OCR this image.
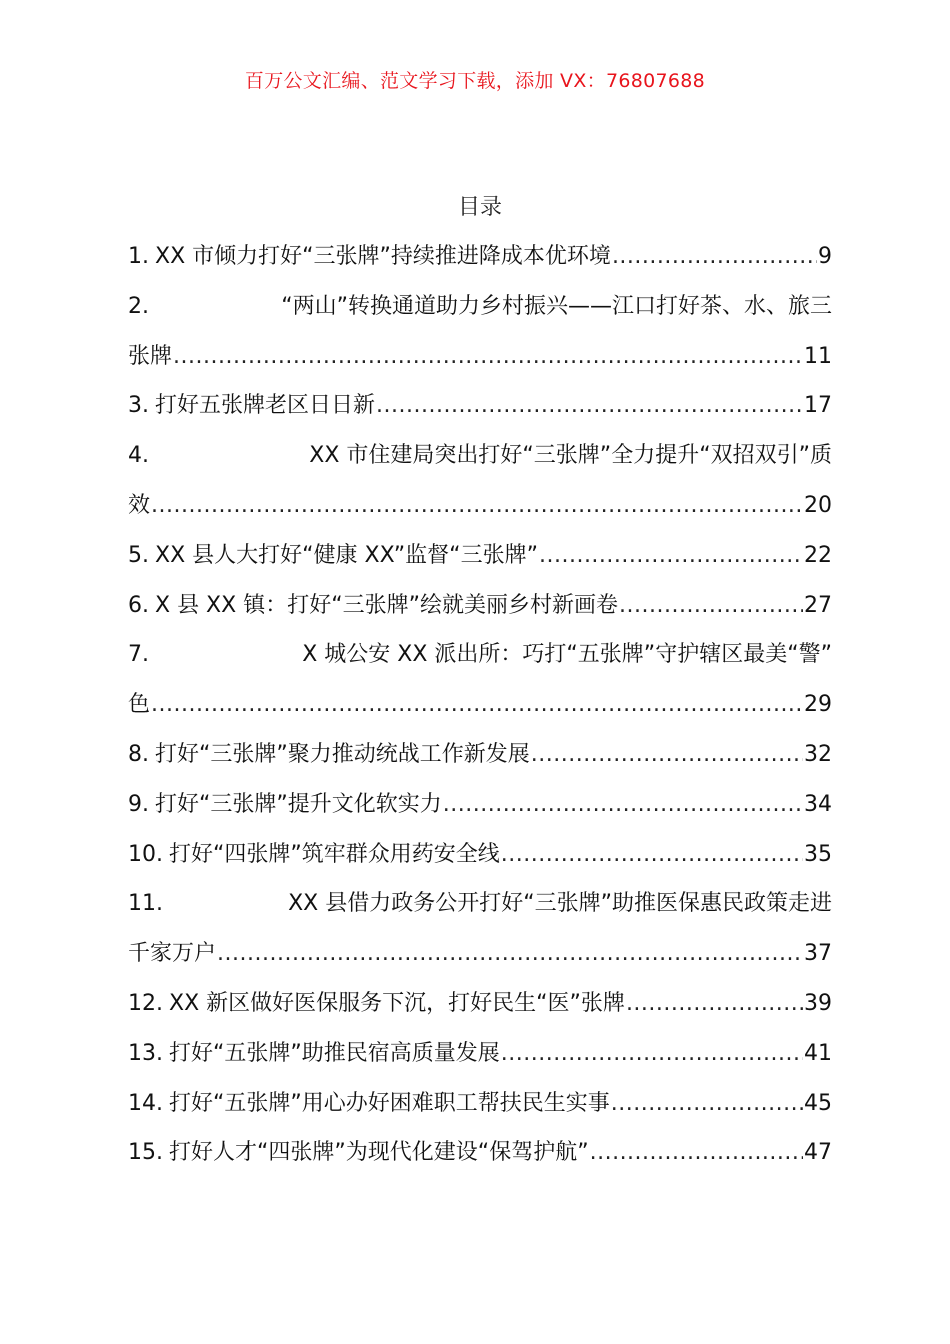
百万公文汇编、范文学习下载，添加 VX：76807688
目录
1. XX 市倾力打好“三张牌”持续推进降成本优环境 .....	9
2.	“两山”转换通道助力乡村振兴——江口打好茶、水、旅三
张牌 .....	11
3. 打好五张牌老区日日新 .....	17
4.	XX 市住建局突出打好“三张牌”全力提升“双招双引”质
效 .....	20
5. XX 县人大打好“健康 XX”监督“三张牌” .....	22
6. X 县 XX 镇：打好“三张牌”绘就美丽乡村新画卷 .....	27
7.	X 城公安 XX 派出所：巧打“五张牌”守护辖区最美“警”
色 .....	29
8. 打好“三张牌”聚力推动统战工作新发展 .....	32
9. 打好“三张牌”提升文化软实力 .....	34
10. 打好“四张牌”筑牢群众用药安全线 .....	35
11.	XX 县借力政务公开打好“三张牌”助推医保惠民政策走进
千家万户 .....	37
12. XX 新区做好医保服务下沉，打好民生“医”张牌 .....	39
13. 打好“五张牌”助推民宿高质量发展 .....	41
14. 打好“五张牌”用心办好困难职工帮扶民生实事 .....	45
15. 打好人才“四张牌”为现代化建设“保驾护航” .....	47
